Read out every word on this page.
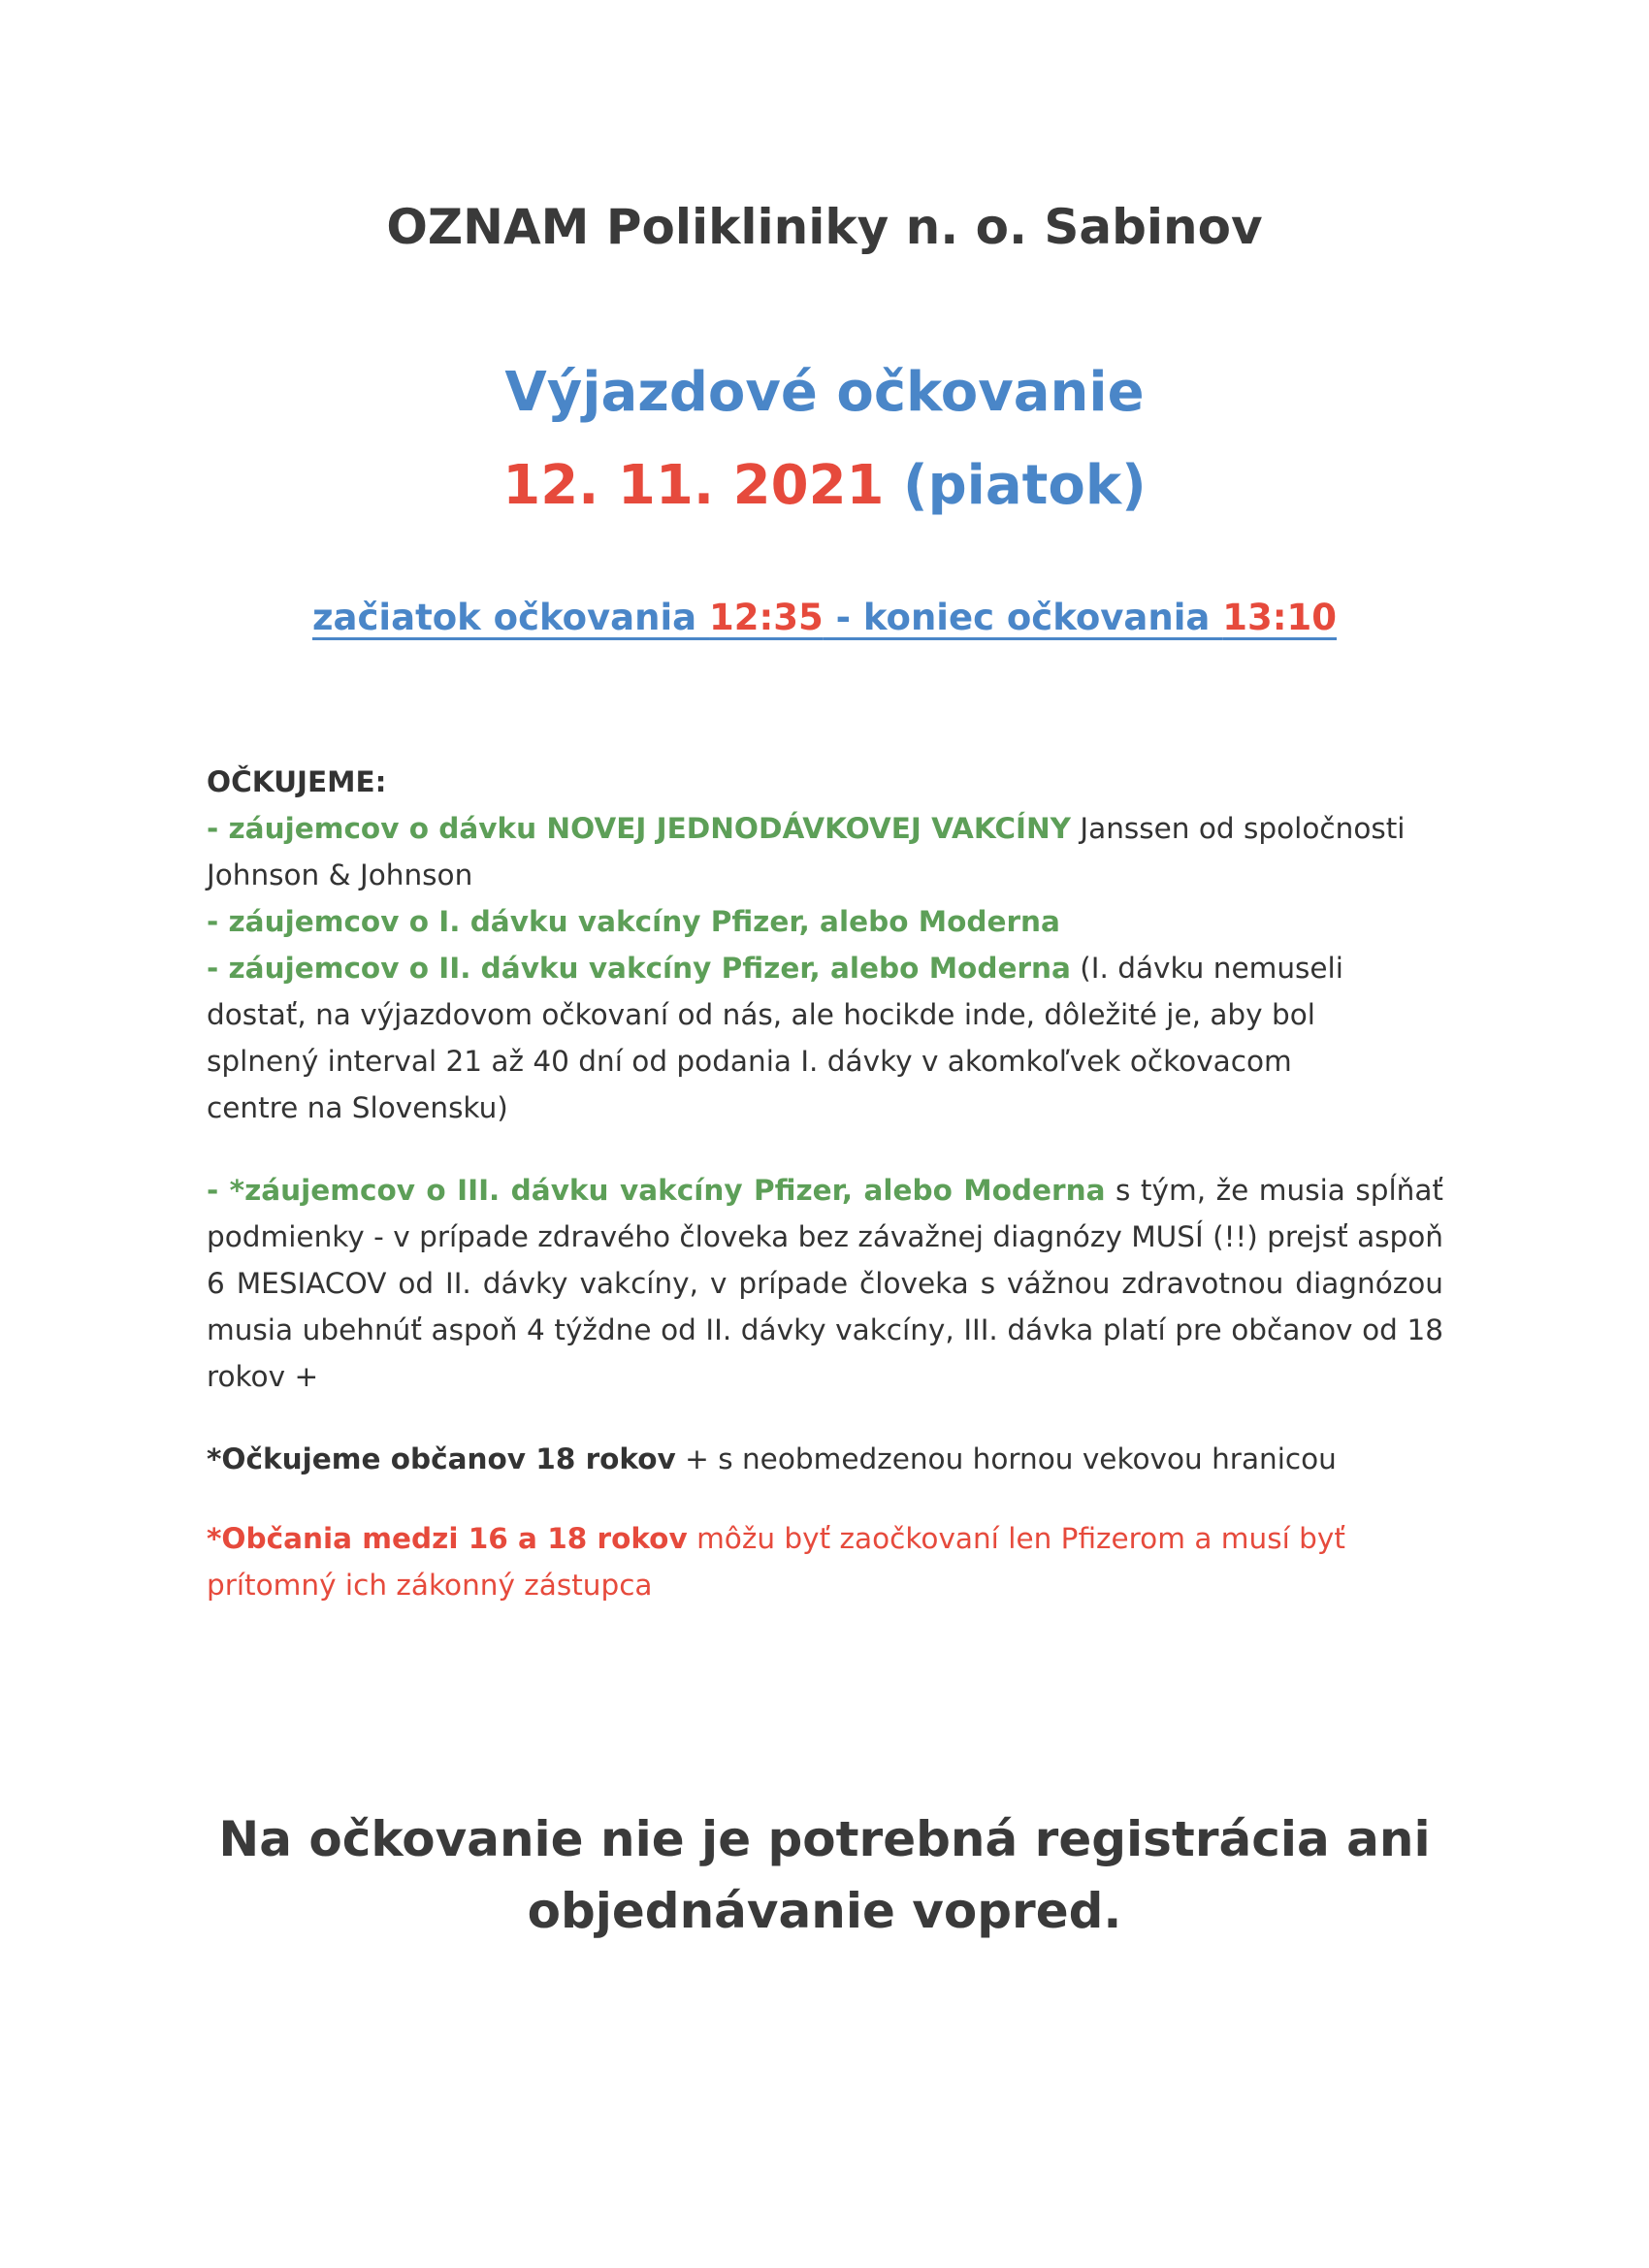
OZNAM Polikliniky n. o. Sabinov
Výjazdové očkovanie
12. 11. 2021 (piatok)
začiatok očkovania 12:35 - koniec očkovania 13:10

OČKUJEME:

- záujemcov o dávku NOVEJ JEDNODÁVKOVEJ VAKCÍNY Janssen od spoločnosti

Johnson & Johnson

- záujemcov o I. dávku vakcíny Pfizer, alebo Moderna

- záujemcov o II. dávku vakcíny Pfizer, alebo Moderna (I. dávku nemuseli

dostať, na výjazdovom očkovaní od nás, ale hocikde inde, dôležité je, aby bol

splnený interval 21 až 40 dní od podania I. dávky v akomkoľvek očkovacom

centre na Slovensku)

- *záujemcov o III. dávku vakcíny Pfizer, alebo Moderna s tým, že musia spĺňať podmienky - v prípade zdravého človeka bez závažnej diagnózy MUSÍ (!!) prejsť aspoň 6 MESIACOV od II. dávky vakcíny, v prípade človeka s vážnou zdravotnou diagnózou musia ubehnúť aspoň 4 týždne od II. dávky vakcíny, III. dávka platí pre občanov od 18 rokov +

*Očkujeme občanov 18 rokov + s neobmedzenou hornou vekovou hranicou

*Občania medzi 16 a 18 rokov môžu byť zaočkovaní len Pfizerom a musí byť prítomný ich zákonný zástupca

Na očkovanie nie je potrebná registrácia ani
objednávanie vopred.
